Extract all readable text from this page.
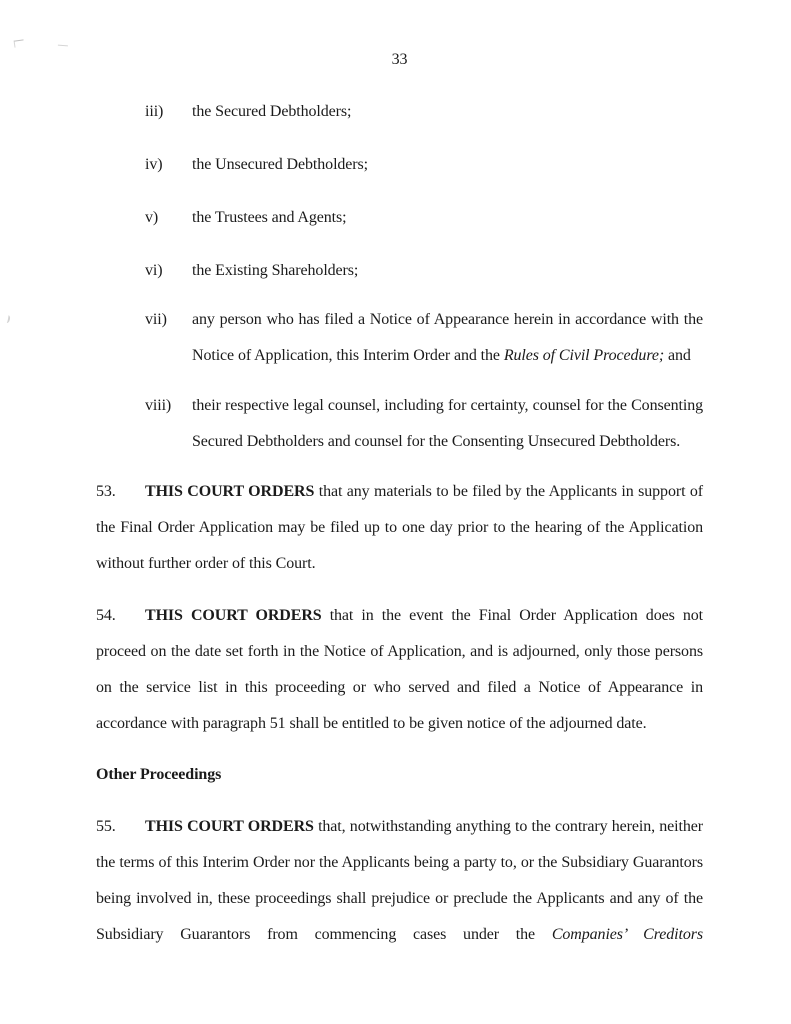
33
iii) the Secured Debtholders;
iv) the Unsecured Debtholders;
v) the Trustees and Agents;
vi) the Existing Shareholders;
vii) any person who has filed a Notice of Appearance herein in accordance with the Notice of Application, this Interim Order and the Rules of Civil Procedure; and
viii) their respective legal counsel, including for certainty, counsel for the Consenting Secured Debtholders and counsel for the Consenting Unsecured Debtholders.

53. THIS COURT ORDERS that any materials to be filed by the Applicants in support of the Final Order Application may be filed up to one day prior to the hearing of the Application without further order of this Court.

54. THIS COURT ORDERS that in the event the Final Order Application does not proceed on the date set forth in the Notice of Application, and is adjourned, only those persons on the service list in this proceeding or who served and filed a Notice of Appearance in accordance with paragraph 51 shall be entitled to be given notice of the adjourned date.

Other Proceedings

55. THIS COURT ORDERS that, notwithstanding anything to the contrary herein, neither the terms of this Interim Order nor the Applicants being a party to, or the Subsidiary Guarantors being involved in, these proceedings shall prejudice or preclude the Applicants and any of the Subsidiary Guarantors from commencing cases under the Companies’ Creditors
